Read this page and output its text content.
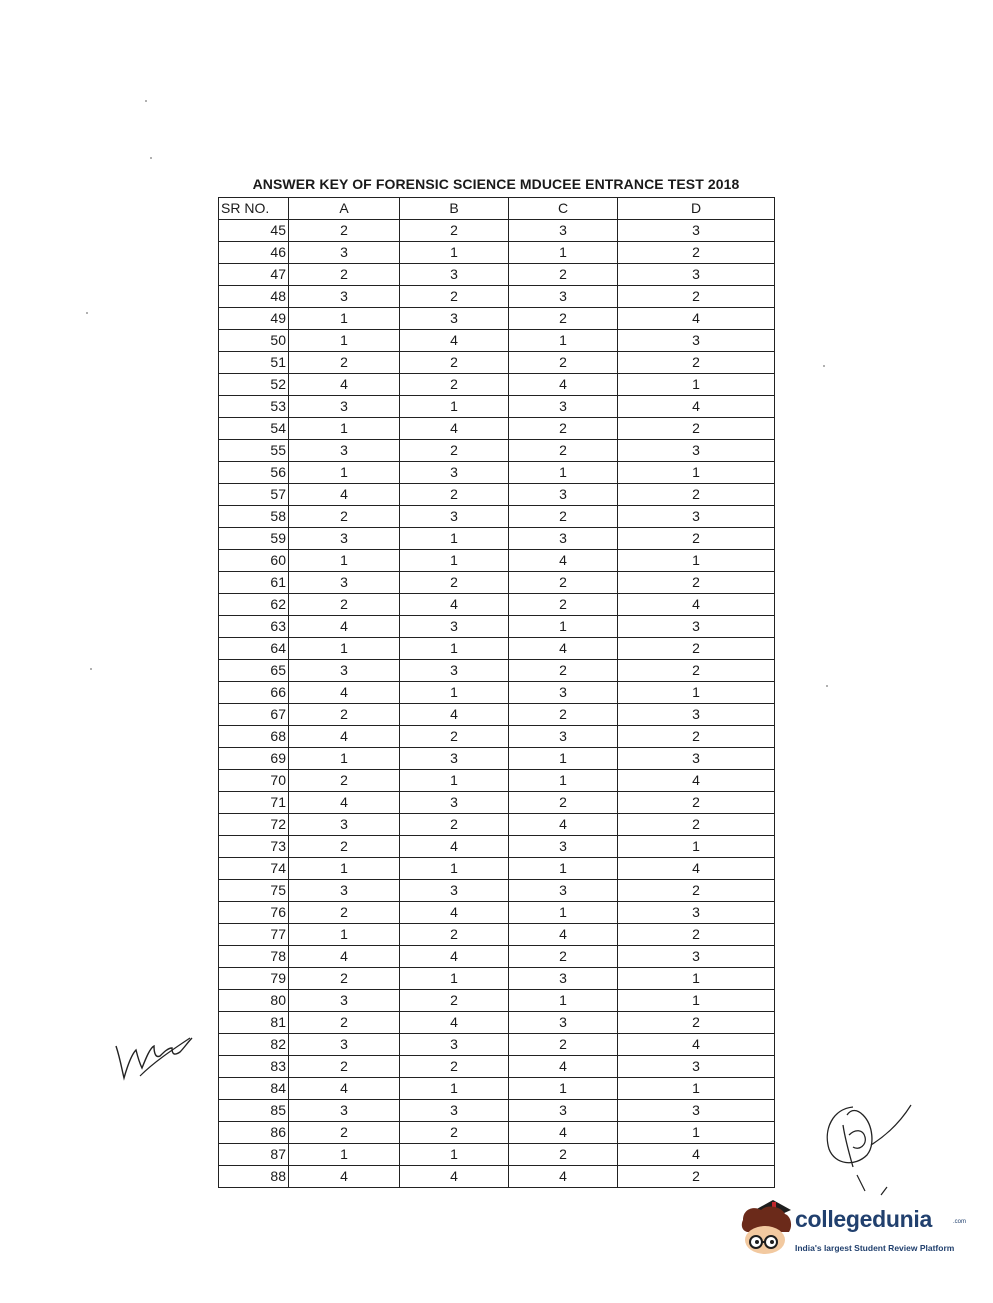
ANSWER KEY OF FORENSIC SCIENCE MDUCEE ENTRANCE TEST 2018
SR NO.	A	B	C	D
45	2	2	3	3
46	3	1	1	2
47	2	3	2	3
48	3	2	3	2
49	1	3	2	4
50	1	4	1	3
51	2	2	2	2
52	4	2	4	1
53	3	1	3	4
54	1	4	2	2
55	3	2	2	3
56	1	3	1	1
57	4	2	3	2
58	2	3	2	3
59	3	1	3	2
60	1	1	4	1
61	3	2	2	2
62	2	4	2	4
63	4	3	1	3
64	1	1	4	2
65	3	3	2	2
66	4	1	3	1
67	2	4	2	3
68	4	2	3	2
69	1	3	1	3
70	2	1	1	4
71	4	3	2	2
72	3	2	4	2
73	2	4	3	1
74	1	1	1	4
75	3	3	3	2
76	2	4	1	3
77	1	2	4	2
78	4	4	2	3
79	2	1	3	1
80	3	2	1	1
81	2	4	3	2
82	3	3	2	4
83	2	2	4	3
84	4	1	1	1
85	3	3	3	3
86	2	2	4	1
87	1	1	2	4
88	4	4	4	2
collegedunia	.com
India's largest Student Review Platform
